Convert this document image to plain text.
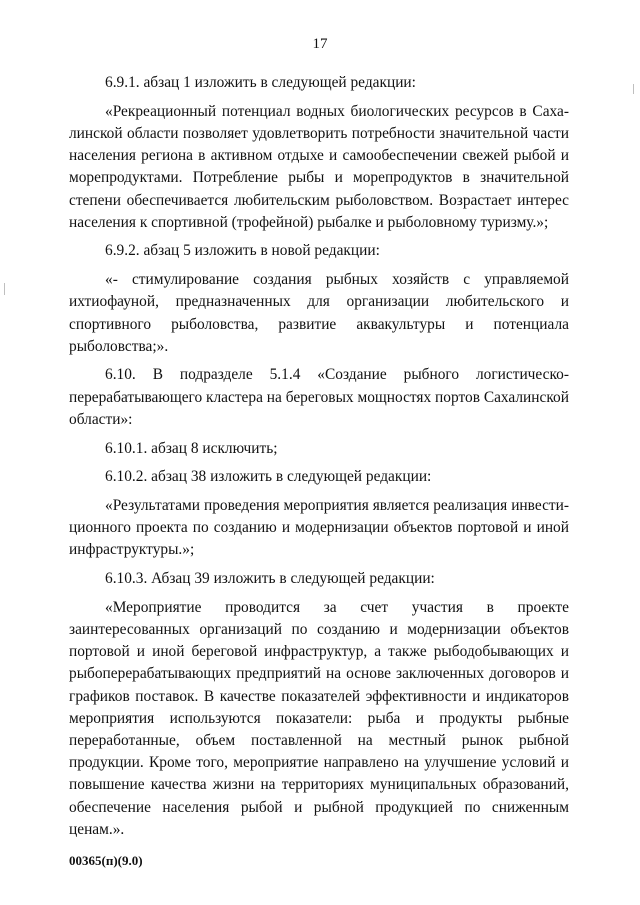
17

6.9.1. абзац 1 изложить в следующей редакции:

«Рекреационный потенциал водных биологических ресурсов в Сахалинской области позволяет удовлетворить потребности значительной части населения региона в активном отдыхе и самообеспечении свежей рыбой и морепродуктами. Потребление рыбы и морепродуктов в значительной степени обеспечивается любительским рыболовством. Возрастает интерес населения к спортивной (трофейной) рыбалке и рыболовному туризму.»;

6.9.2. абзац 5 изложить в новой редакции:

«- стимулирование создания рыбных хозяйств с управляемой ихтиофауной, предназначенных для организации любительского и спортивного рыболовства, развитие аквакультуры и потенциала рыболовства;».

6.10. В подразделе 5.1.4 «Создание рыбного логистическо-перерабатывающего кластера на береговых мощностях портов Сахалинской области»:

6.10.1. абзац 8 исключить;

6.10.2. абзац 38 изложить в следующей редакции:

«Результатами проведения мероприятия является реализация инвестиционного проекта по созданию и модернизации объектов портовой и иной инфраструктуры.»;

6.10.3. Абзац 39 изложить в следующей редакции:

«Мероприятие проводится за счет участия в проекте заинтересованных организаций по созданию и модернизации объектов портовой и иной береговой инфраструктур, а также рыбодобывающих и рыбоперерабатывающих предприятий на основе заключенных договоров и графиков поставок. В качестве показателей эффективности и индикаторов мероприятия используются показатели: рыба и продукты рыбные переработанные, объем поставленной на местный рынок рыбной продукции. Кроме того, мероприятие направлено на улучшение условий и повышение качества жизни на территориях муниципальных образований, обеспечение населения рыбой и рыбной продукцией по сниженным ценам.».

00365(п)(9.0)
